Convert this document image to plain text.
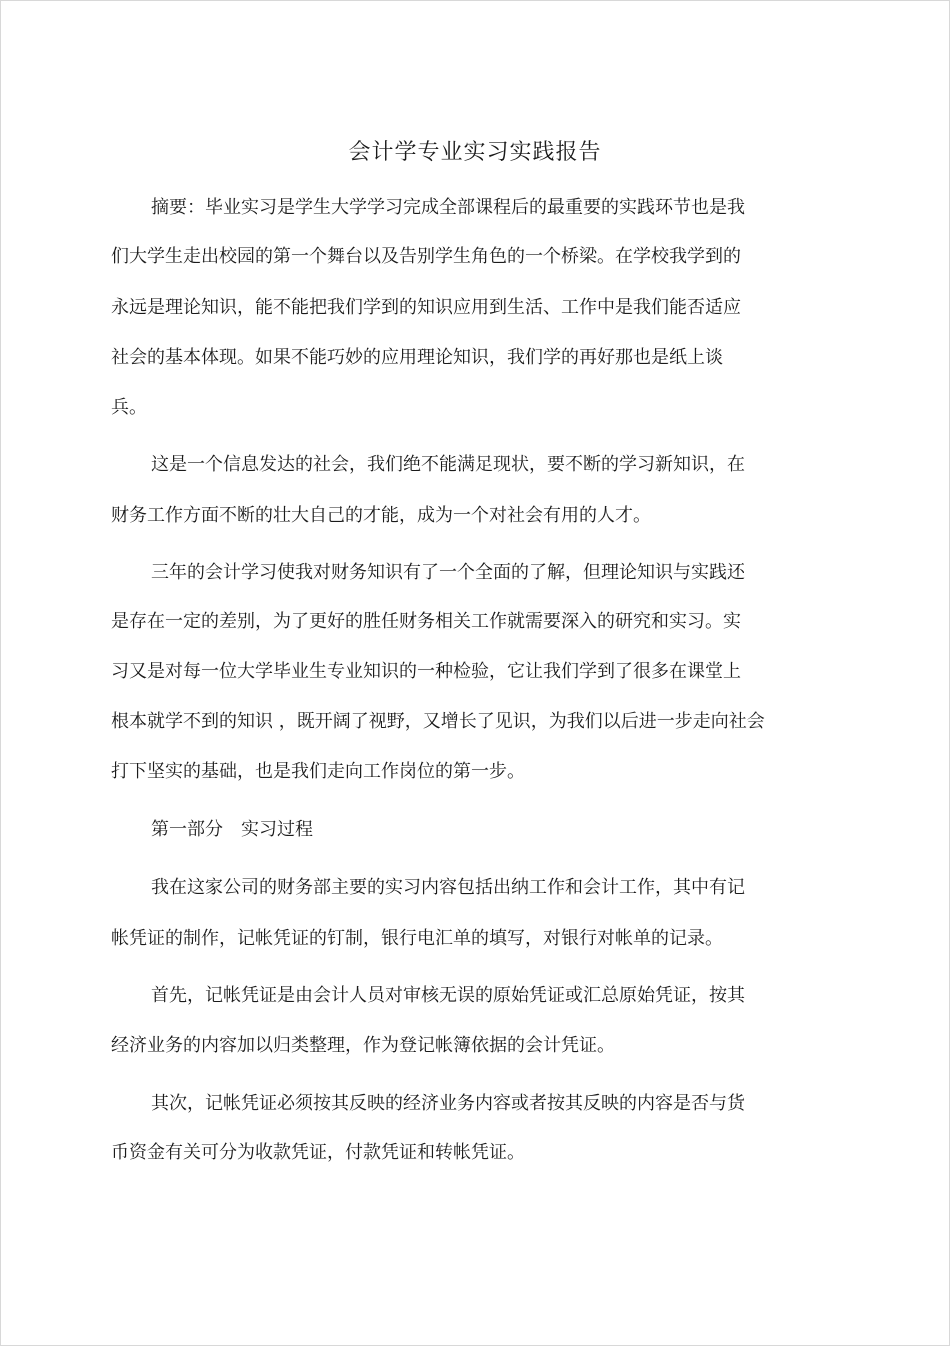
会计学专业实习实践报告
摘要：毕业实习是学生大学学习完成全部课程后的最重要的实践环节也是我
们大学生走出校园的第一个舞台以及告别学生角色的一个桥梁。在学校我学到的
永远是理论知识，能不能把我们学到的知识应用到生活、工作中是我们能否适应
社会的基本体现。如果不能巧妙的应用理论知识，我们学的再好那也是纸上谈
兵。
这是一个信息发达的社会，我们绝不能满足现状，要不断的学习新知识，在
财务工作方面不断的壮大自己的才能，成为一个对社会有用的人才。
三年的会计学习使我对财务知识有了一个全面的了解，但理论知识与实践还
是存在一定的差别，为了更好的胜任财务相关工作就需要深入的研究和实习。实
习又是对每一位大学毕业生专业知识的一种检验，它让我们学到了很多在课堂上
根本就学不到的知识 ，既开阔了视野，又增长了见识，为我们以后进一步走向社会
打下坚实的基础，也是我们走向工作岗位的第一步。
第一部分　实习过程
我在这家公司的财务部主要的实习内容包括出纳工作和会计工作，其中有记
帐凭证的制作，记帐凭证的钉制，银行电汇单的填写，对银行对帐单的记录。
首先，记帐凭证是由会计人员对审核无误的原始凭证或汇总原始凭证，按其
经济业务的内容加以归类整理，作为登记帐簿依据的会计凭证。
其次，记帐凭证必须按其反映的经济业务内容或者按其反映的内容是否与货
币资金有关可分为收款凭证，付款凭证和转帐凭证。
